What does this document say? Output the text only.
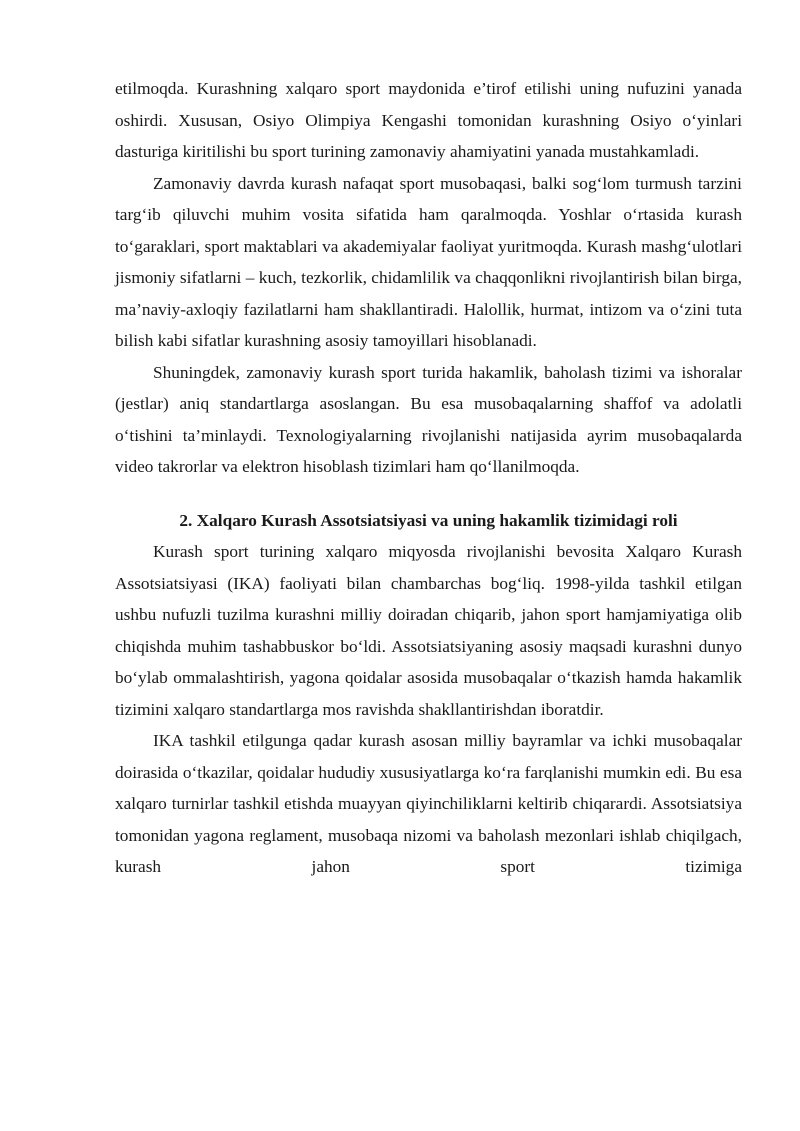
etilmoqda. Kurashning xalqaro sport maydonida e’tirof etilishi uning nufuzini yanada oshirdi. Xususan, Osiyo Olimpiya Kengashi tomonidan kurashning Osiyo o‘yinlari dasturiga kiritilishi bu sport turining zamonaviy ahamiyatini yanada mustahkamladi.

Zamonaviy davrda kurash nafaqat sport musobaqasi, balki sog‘lom turmush tarzini targ‘ib qiluvchi muhim vosita sifatida ham qaralmoqda. Yoshlar o‘rtasida kurash to‘garaklari, sport maktablari va akademiyalar faoliyat yuritmoqda. Kurash mashg‘ulotlari jismoniy sifatlarni – kuch, tezkorlik, chidamlilik va chaqqonlikni rivojlantirish bilan birga, ma’naviy-axloqiy fazilatlarni ham shakllantiradi. Halollik, hurmat, intizom va o‘zini tuta bilish kabi sifatlar kurashning asosiy tamoyillari hisoblanadi.

Shuningdek, zamonaviy kurash sport turida hakamlik, baholash tizimi va ishoralar (jestlar) aniq standartlarga asoslangan. Bu esa musobaqalarning shaffof va adolatli o‘tishini ta’minlaydi. Texnologiyalarning rivojlanishi natijasida ayrim musobaqalarda video takrorlar va elektron hisoblash tizimlari ham qo‘llanilmoqda.

2. Xalqaro Kurash Assotsiatsiyasi va uning hakamlik tizimidagi roli

Kurash sport turining xalqaro miqyosda rivojlanishi bevosita Xalqaro Kurash Assotsiatsiyasi (IKA) faoliyati bilan chambarchas bog‘liq. 1998-yilda tashkil etilgan ushbu nufuzli tuzilma kurashni milliy doiradan chiqarib, jahon sport hamjamiyatiga olib chiqishda muhim tashabbuskor bo‘ldi. Assotsiatsiyaning asosiy maqsadi kurashni dunyo bo‘ylab ommalashtirish, yagona qoidalar asosida musobaqalar o‘tkazish hamda hakamlik tizimini xalqaro standartlarga mos ravishda shakllantirishdan iboratdir.

IKA tashkil etilgunga qadar kurash asosan milliy bayramlar va ichki musobaqalar doirasida o‘tkazilar, qoidalar hududiy xususiyatlarga ko‘ra farqlanishi mumkin edi. Bu esa xalqaro turnirlar tashkil etishda muayyan qiyinchiliklarni keltirib chiqarardi. Assotsiatsiya tomonidan yagona reglament, musobaqa nizomi va baholash mezonlari ishlab chiqilgach, kurash jahon sport tizimiga
